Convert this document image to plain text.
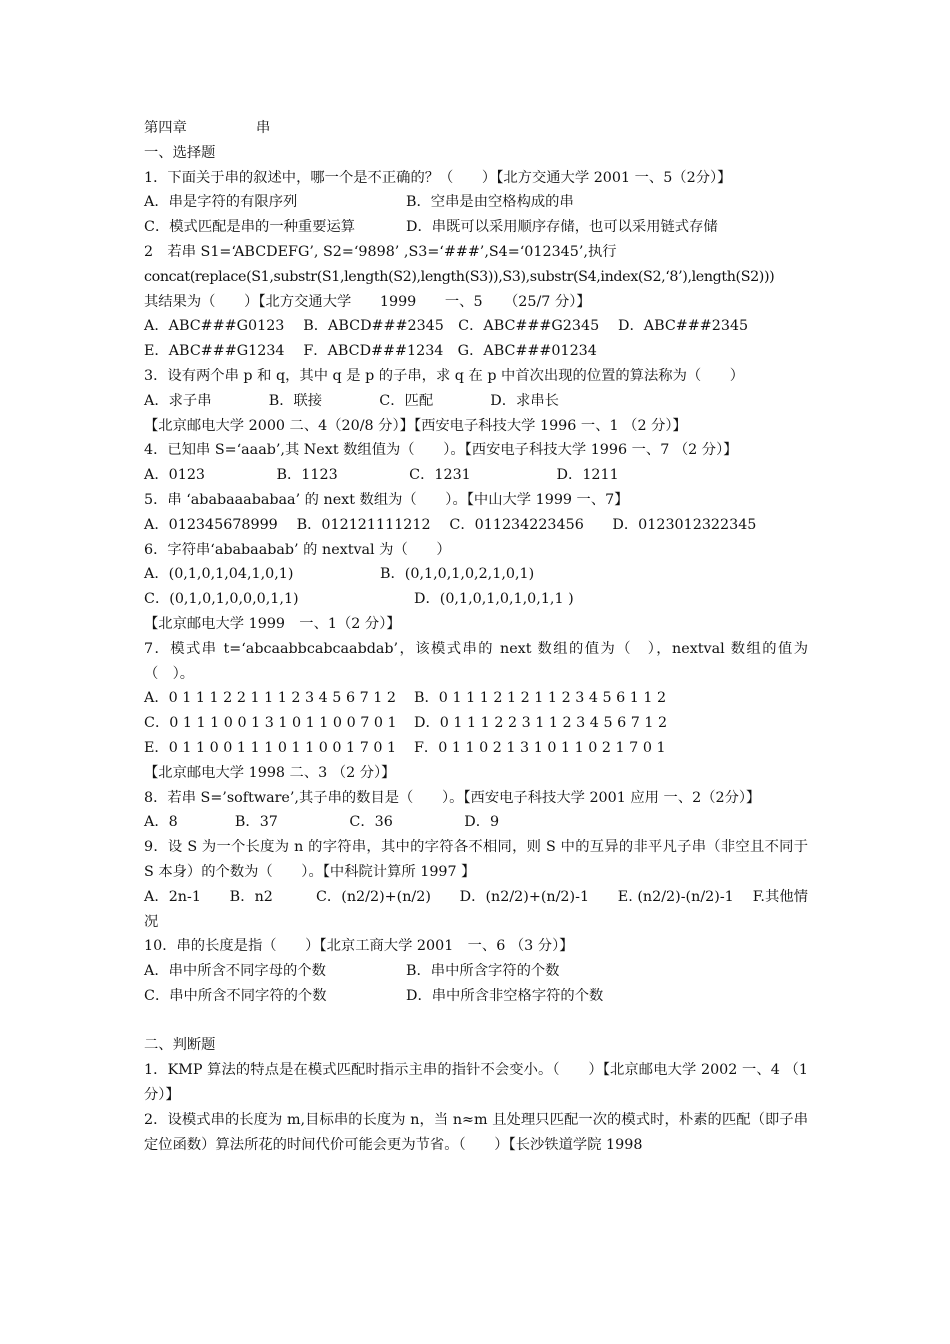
第四章	串
一、选择题
1．下面关于串的叙述中，哪一个是不正确的？（　　）【北方交通大学 2001 一、5（2分）】
A．串是字符的有限序列	B．空串是由空格构成的串
C．模式匹配是串的一种重要运算	D．串既可以采用顺序存储，也可以采用链式存储
2　若串 S1=‘ABCDEFG’, S2=‘9898’ ,S3=‘###’,S4=‘012345’,执行
concat(replace(S1,substr(S1,length(S2),length(S3)),S3),substr(S4,index(S2,‘8’),length(S2)))
其结果为（　　）【北方交通大学　　1999　　一、5　　（25/7 分）】
A．ABC###G0123　 B．ABCD###2345　C．ABC###G2345　 D．ABC###2345
E．ABC###G1234　 F．ABCD###1234　G．ABC###01234
3．设有两个串 p 和 q，其中 q 是 p 的子串，求 q 在 p 中首次出现的位置的算法称为（　　）
A．求子串　　　　B．联接　　　　C．匹配　　　　D．求串长
【北京邮电大学 2000 二、4（20/8 分）】【西安电子科技大学 1996 一、1 （2 分）】
4．已知串 S=‘aaab’,其 Next 数组值为（　　）。【西安电子科技大学 1996 一、7 （2 分）】
A．0123　　　　　B．1123　　　　　C．1231　　　　　　D．1211
5．串 ‘ababaaababaa’ 的 next 数组为（　　）。【中山大学 1999 一、7】
A．012345678999　 B．012121111212　 C．011234223456　　D．0123012322345
6．字符串‘ababaabab’ 的 nextval 为（　　）
A．(0,1,0,1,04,1,0,1)	B．(0,1,0,1,0,2,1,0,1)
C．(0,1,0,1,0,0,0,1,1)	D．(0,1,0,1,0,1,0,1,1 )
【北京邮电大学 1999　一、1（2 分）】
7．模式串 t=‘abcaabbcabcaabdab’，该模式串的 next 数组的值为（　），nextval 数组的值为（　）。
A．0 1 1 1 2 2 1 1 1 2 3 4 5 6 7 1 2 B．0 1 1 1 2 1 2 1 1 2 3 4 5 6 1 1 2
C．0 1 1 1 0 0 1 3 1 0 1 1 0 0 7 0 1 D．0 1 1 1 2 2 3 1 1 2 3 4 5 6 7 1 2
E．0 1 1 0 0 1 1 1 0 1 1 0 0 1 7 0 1 F．0 1 1 0 2 1 3 1 0 1 1 0 2 1 7 0 1
【北京邮电大学 1998 二、3 （2 分）】
8．若串 S=’software’,其子串的数目是（　　）。【西安电子科技大学 2001 应用 一、2（2分）】
A．8　　　　B．37　　　　　C．36　　　　　D．9
9．设 S 为一个长度为 n 的字符串，其中的字符各不相同，则 S 中的互异的非平凡子串（非空且不同于 S 本身）的个数为（　　）。【中科院计算所 1997 】
A．2n-1　　B．n2　　　C．(n2/2)+(n/2)　　D．(n2/2)+(n/2)-1　　E. (n2/2)-(n/2)-1　 F.其他情况
10．串的长度是指（　　）【北京工商大学 2001　一、6 （3 分）】
A．串中所含不同字母的个数	B．串中所含字符的个数
C．串中所含不同字符的个数	D．串中所含非空格字符的个数
二、判断题
1．KMP 算法的特点是在模式匹配时指示主串的指针不会变小。（　　）【北京邮电大学 2002 一、4 （1 分）】
2．设模式串的长度为 m,目标串的长度为 n，当 n≈m 且处理只匹配一次的模式时，朴素的匹配（即子串定位函数）算法所花的时间代价可能会更为节省。（　　）【长沙铁道学院 1998
